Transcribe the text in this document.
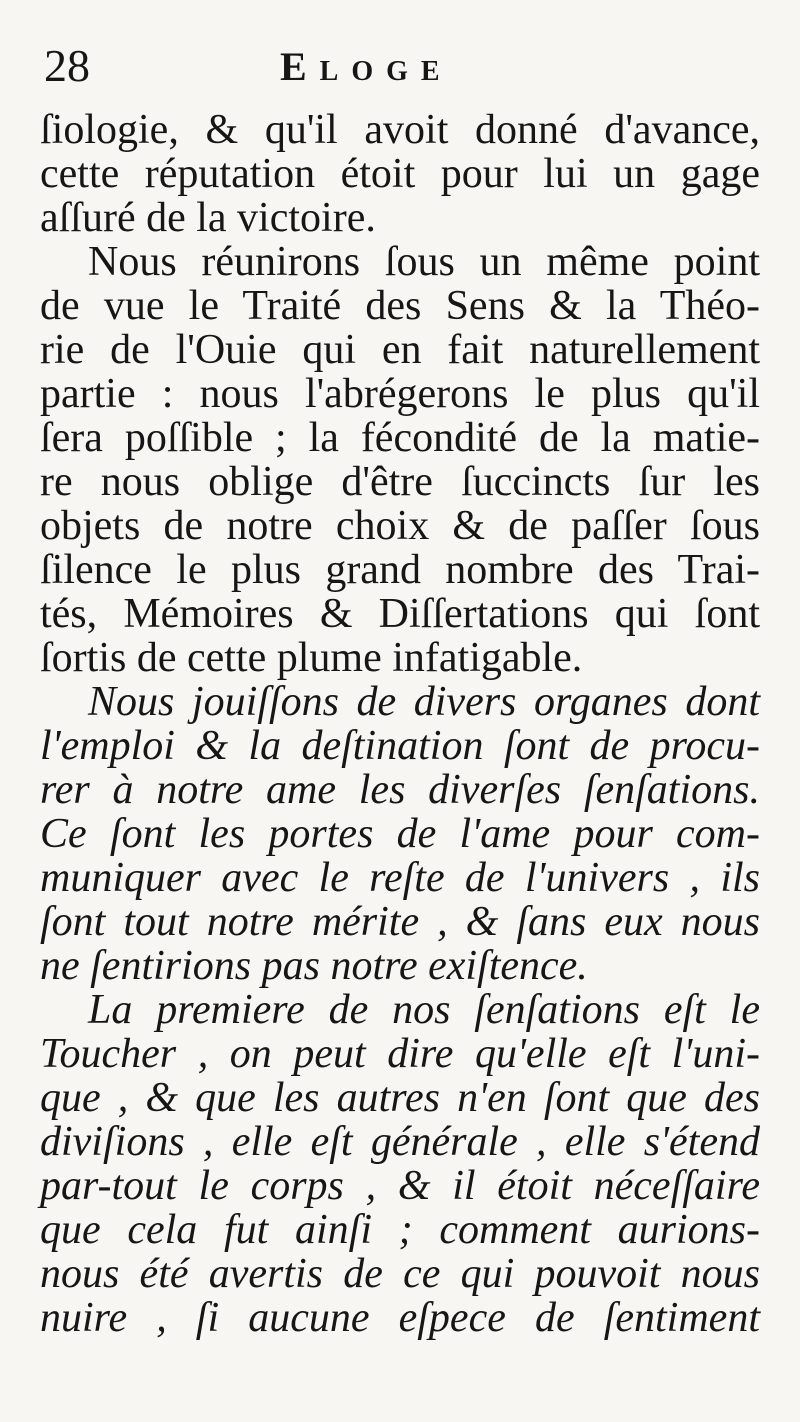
28	Eloge
ſiologie, & qu'il avoit donné d'avance,
cette réputation étoit pour lui un gage
aſſuré de la victoire.
Nous réunirons ſous un même point
de vue le Traité des Sens & la Théo-
rie de l'Ouie qui en fait naturellement
partie : nous l'abrégerons le plus qu'il
ſera poſſible ; la fécondité de la matie-
re nous oblige d'être ſuccincts ſur les
objets de notre choix & de paſſer ſous
ſilence le plus grand nombre des Trai-
tés, Mémoires & Diſſertations qui ſont
ſortis de cette plume infatigable.
Nous jouiſſons de divers organes dont
l'emploi & la deſtination ſont de procu-
rer à notre ame les diverſes ſenſations.
Ce ſont les portes de l'ame pour com-
muniquer avec le reſte de l'univers , ils
ſont tout notre mérite , & ſans eux nous
ne ſentirions pas notre exiſtence.
La premiere de nos ſenſations eſt le
Toucher , on peut dire qu'elle eſt l'uni-
que , & que les autres n'en ſont que des
diviſions , elle eſt générale , elle s'étend
par-tout le corps , & il étoit néceſſaire
que cela fut ainſi ; comment aurions-
nous été avertis de ce qui pouvoit nous
nuire , ſi aucune eſpece de ſentiment
